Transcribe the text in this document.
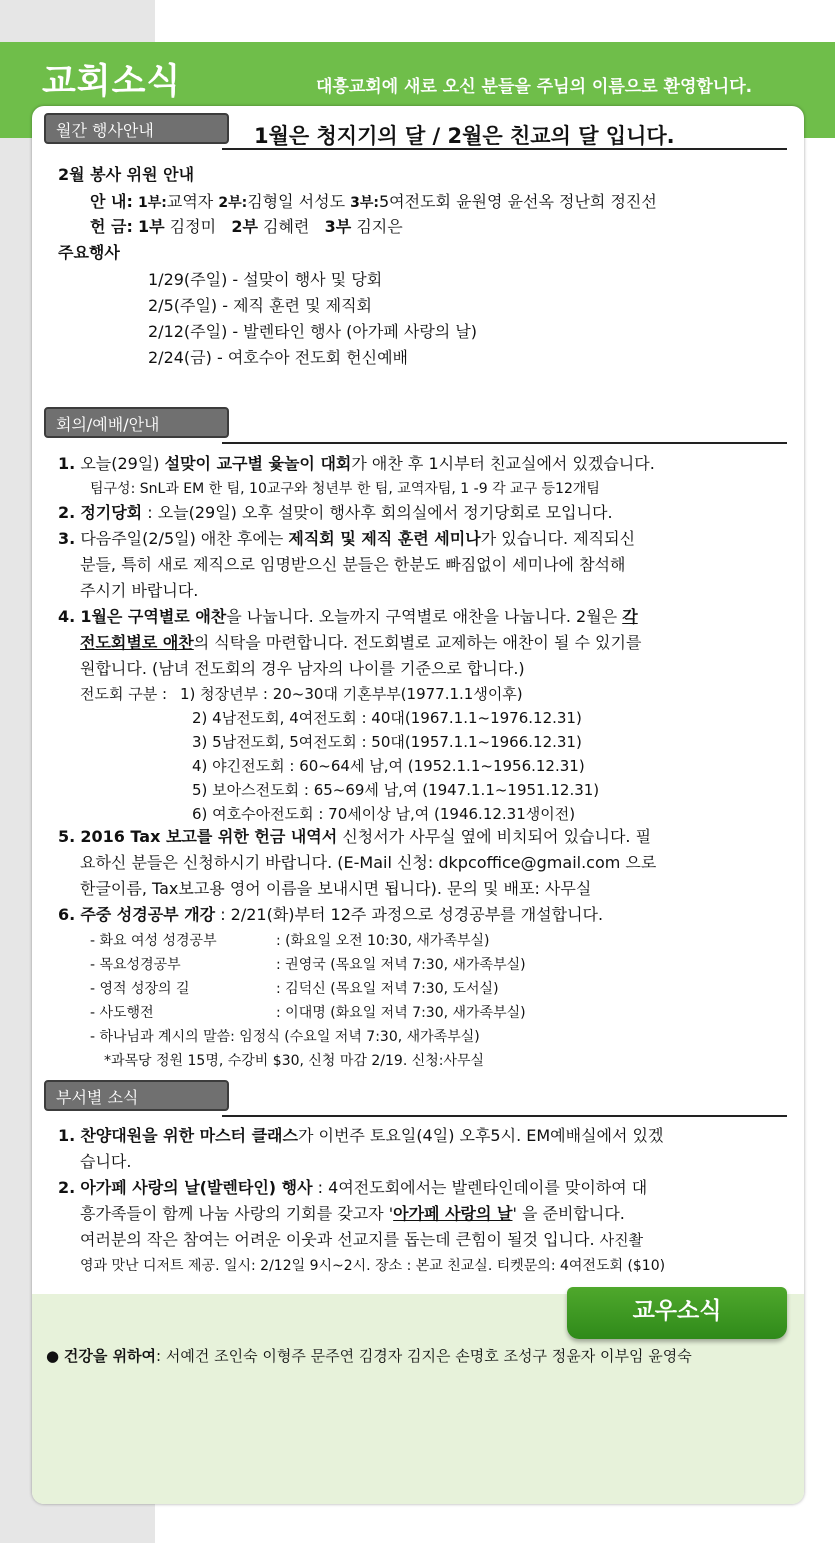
교회소식	대흥교회에 새로 오신 분들을 주님의 이름으로 환영합니다.
월간 행사안내	1월은 청지기의 달 / 2월은 친교의 달 입니다.
2월 봉사 위원 안내
안 내: 1부:교역자 2부:김형일 서성도 3부:5여전도회 윤원영 윤선옥 정난희 정진선
헌 금: 1부 김정미 2부 김혜련 3부 김지은
주요행사
1/29(주일) - 설맞이 행사 및 당회
2/5(주일) - 제직 훈련 및 제직회
2/12(주일) - 발렌타인 행사 (아가페 사랑의 날)
2/24(금) - 여호수아 전도회 헌신예배
회의/예배/안내
1. 오늘(29일) 설맞이 교구별 윷놀이 대회가 애찬 후 1시부터 친교실에서 있겠습니다.
팀구성: SnL과 EM 한 팀, 10교구와 청년부 한 팀, 교역자팀, 1 -9 각 교구 등12개팀
2. 정기당회 : 오늘(29일) 오후 설맞이 행사후 회의실에서 정기당회로 모입니다.
3. 다음주일(2/5일) 애찬 후에는 제직회 및 제직 훈련 세미나가 있습니다. 제직되신
분들, 특히 새로 제직으로 임명받으신 분들은 한분도 빠짐없이 세미나에 참석해
주시기 바랍니다.
4. 1월은 구역별로 애찬을 나눕니다. 오늘까지 구역별로 애찬을 나눕니다. 2월은 각
전도회별로 애찬의 식탁을 마련합니다. 전도회별로 교제하는 애찬이 될 수 있기를
원합니다. (남녀 전도회의 경우 남자의 나이를 기준으로 합니다.)
전도회 구분 : 1) 청장년부 : 20~30대 기혼부부(1977.1.1생이후)
2) 4남전도회, 4여전도회 : 40대(1967.1.1~1976.12.31)
3) 5남전도회, 5여전도회 : 50대(1957.1.1~1966.12.31)
4) 야긴전도회 : 60~64세 남,여 (1952.1.1~1956.12.31)
5) 보아스전도회 : 65~69세 남,여 (1947.1.1~1951.12.31)
6) 여호수아전도회 : 70세이상 남,여 (1946.12.31생이전)
5. 2016 Tax 보고를 위한 헌금 내역서 신청서가 사무실 옆에 비치되어 있습니다. 필
요하신 분들은 신청하시기 바랍니다. (E-Mail 신청: dkpcoffice@gmail.com 으로
한글이름, Tax보고용 영어 이름을 보내시면 됩니다). 문의 및 배포: 사무실
6. 주중 성경공부 개강 : 2/21(화)부터 12주 과정으로 성경공부를 개설합니다.
- 화요 여성 성경공부	: (화요일 오전 10:30, 새가족부실)
- 목요성경공부	: 권영국 (목요일 저녁 7:30, 새가족부실)
- 영적 성장의 길	: 김덕신 (목요일 저녁 7:30, 도서실)
- 사도행전	: 이대명 (화요일 저녁 7:30, 새가족부실)
- 하나님과 계시의 말씀: 임정식 (수요일 저녁 7:30, 새가족부실)
*과목당 정원 15명, 수강비 $30, 신청 마감 2/19. 신청:사무실
부서별 소식
1. 찬양대원을 위한 마스터 클래스가 이번주 토요일(4일) 오후5시. EM예배실에서 있겠
습니다.
2. 아가페 사랑의 날(발렌타인) 행사 : 4여전도회에서는 발렌타인데이를 맞이하여 대
흥가족들이 함께 나눔 사랑의 기회를 갖고자 '아가페 사랑의 날' 을 준비합니다.
여러분의 작은 참여는 어려운 이웃과 선교지를 돕는데 큰힘이 될것 입니다. 사진촬
영과 맛난 디저트 제공. 일시: 2/12일 9시~2시. 장소 : 본교 친교실. 티켓문의: 4여전도회 ($10)
교우소식
● 건강을 위하여: 서예건 조인숙 이형주 문주연 김경자 김지은 손명호 조성구 정윤자 이부임 윤영숙
